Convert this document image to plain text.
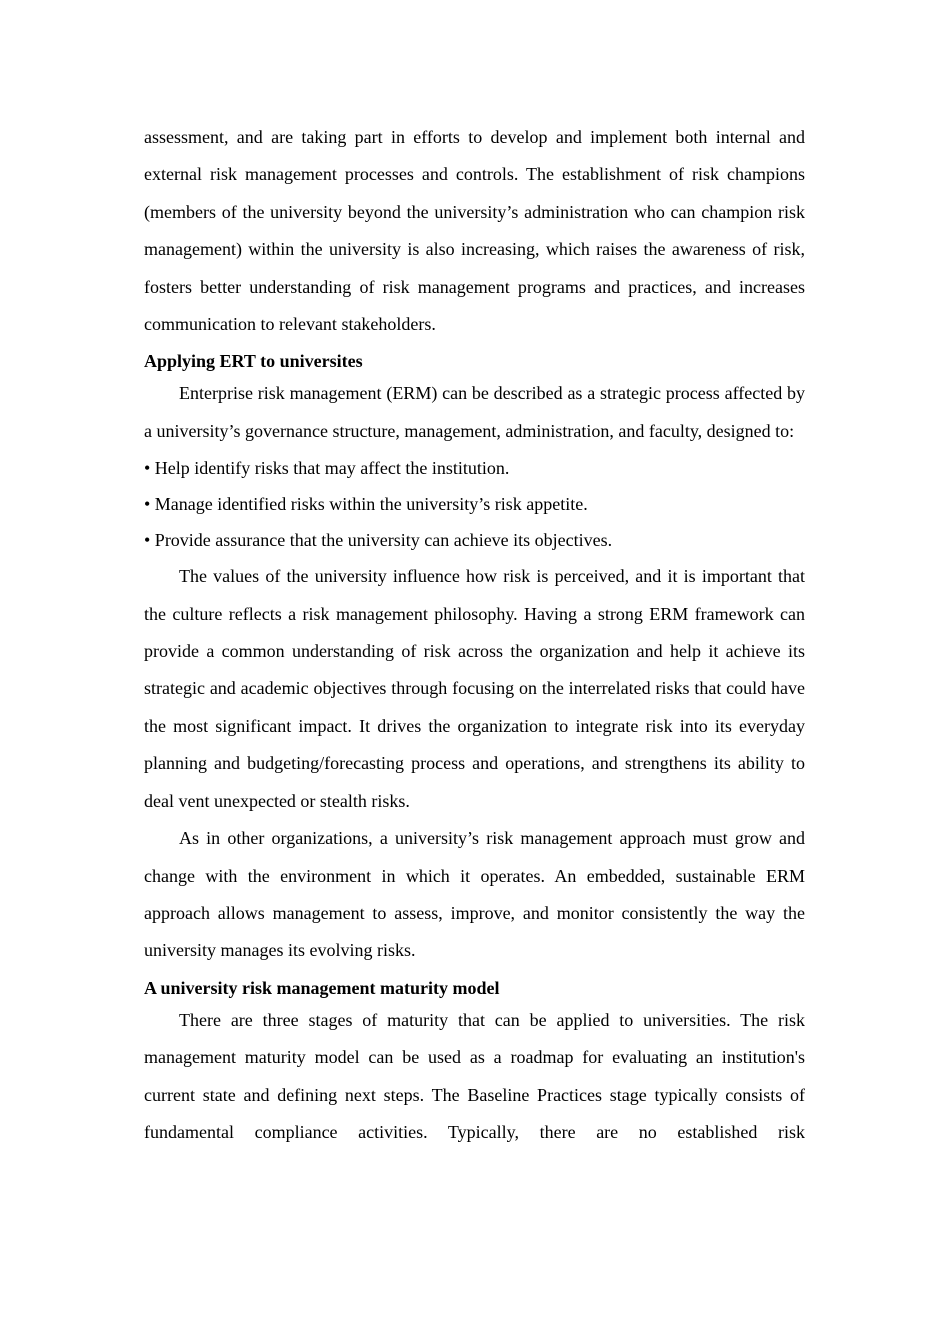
assessment, and are taking part in efforts to develop and implement both internal and external risk management processes and controls. The establishment of risk champions (members of the university beyond the university’s administration who can champion risk management) within the university is also increasing, which raises the awareness of risk, fosters better understanding of risk management programs and practices, and increases communication to relevant stakeholders.

Applying ERT to universites

Enterprise risk management (ERM) can be described as a strategic process affected by a university’s governance structure, management, administration, and faculty, designed to:

• Help identify risks that may affect the institution.
• Manage identified risks within the university’s risk appetite.
• Provide assurance that the university can achieve its objectives.

The values of the university influence how risk is perceived, and it is important that the culture reflects a risk management philosophy. Having a strong ERM framework can provide a common understanding of risk across the organization and help it achieve its strategic and academic objectives through focusing on the interrelated risks that could have the most significant impact. It drives the organization to integrate risk into its everyday planning and budgeting/forecasting process and operations, and strengthens its ability to deal vent unexpected or stealth risks.

As in other organizations, a university’s risk management approach must grow and change with the environment in which it operates. An embedded, sustainable ERM approach allows management to assess, improve, and monitor consistently the way the university manages its evolving risks.

A university risk management maturity model

There are three stages of maturity that can be applied to universities. The risk management maturity model can be used as a roadmap for evaluating an institution's current state and defining next steps. The Baseline Practices stage typically consists of fundamental compliance activities. Typically, there are no established risk
